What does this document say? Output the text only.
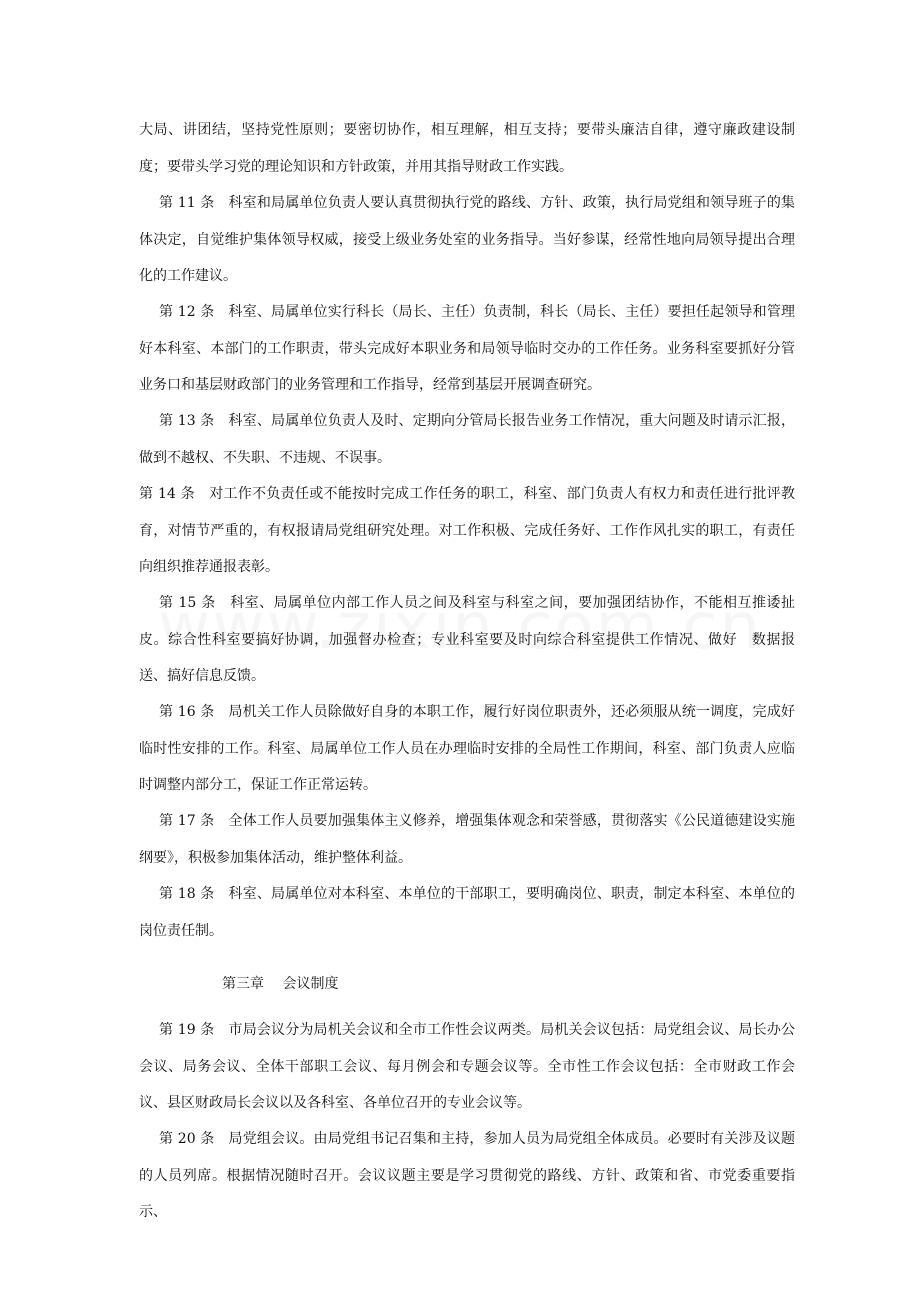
大局、讲团结，坚持党性原则；要密切协作，相互理解，相互支持；要带头廉洁自律，遵守廉政建设制度；要带头学习党的理论知识和方针政策，并用其指导财政工作实践。

第 11 条　科室和局属单位负责人要认真贯彻执行党的路线、方针、政策，执行局党组和领导班子的集体决定，自觉维护集体领导权威，接受上级业务处室的业务指导。当好参谋，经常性地向局领导提出合理化的工作建议。

第 12 条　科室、局属单位实行科长（局长、主任）负责制，科长（局长、主任）要担任起领导和管理好本科室、本部门的工作职责，带头完成好本职业务和局领导临时交办的工作任务。业务科室要抓好分管业务口和基层财政部门的业务管理和工作指导，经常到基层开展调查研究。

第 13 条　科室、局属单位负责人及时、定期向分管局长报告业务工作情况，重大问题及时请示汇报，做到不越权、不失职、不违规、不误事。

第 14 条　对工作不负责任或不能按时完成工作任务的职工，科室、部门负责人有权力和责任进行批评教育，对情节严重的，有权报请局党组研究处理。对工作积极、完成任务好、工作作风扎实的职工，有责任向组织推荐通报表彰。

第 15 条　科室、局属单位内部工作人员之间及科室与科室之间，要加强团结协作，不能相互推诿扯皮。综合性科室要搞好协调，加强督办检查；专业科室要及时向综合科室提供工作情况、做好　数据报送、搞好信息反馈。

第 16 条　局机关工作人员除做好自身的本职工作，履行好岗位职责外，还必须服从统一调度，完成好临时性安排的工作。科室、局属单位工作人员在办理临时安排的全局性工作期间，科室、部门负责人应临时调整内部分工，保证工作正常运转。

第 17 条　全体工作人员要加强集体主义修养，增强集体观念和荣誉感，贯彻落实《公民道德建设实施纲要》，积极参加集体活动，维护整体利益。

第 18 条　科室、局属单位对本科室、本单位的干部职工，要明确岗位、职责，制定本科室、本单位的岗位责任制。

第三章　 会议制度

第 19 条　市局会议分为局机关会议和全市工作性会议两类。局机关会议包括：局党组会议、局长办公会议、局务会议、全体干部职工会议、每月例会和专题会议等。全市性工作会议包括：全市财政工作会议、县区财政局长会议以及各科室、各单位召开的专业会议等。

第 20 条　局党组会议。由局党组书记召集和主持，参加人员为局党组全体成员。必要时有关涉及议题的人员列席。根据情况随时召开。会议议题主要是学习贯彻党的路线、方针、政策和省、市党委重要指示、
